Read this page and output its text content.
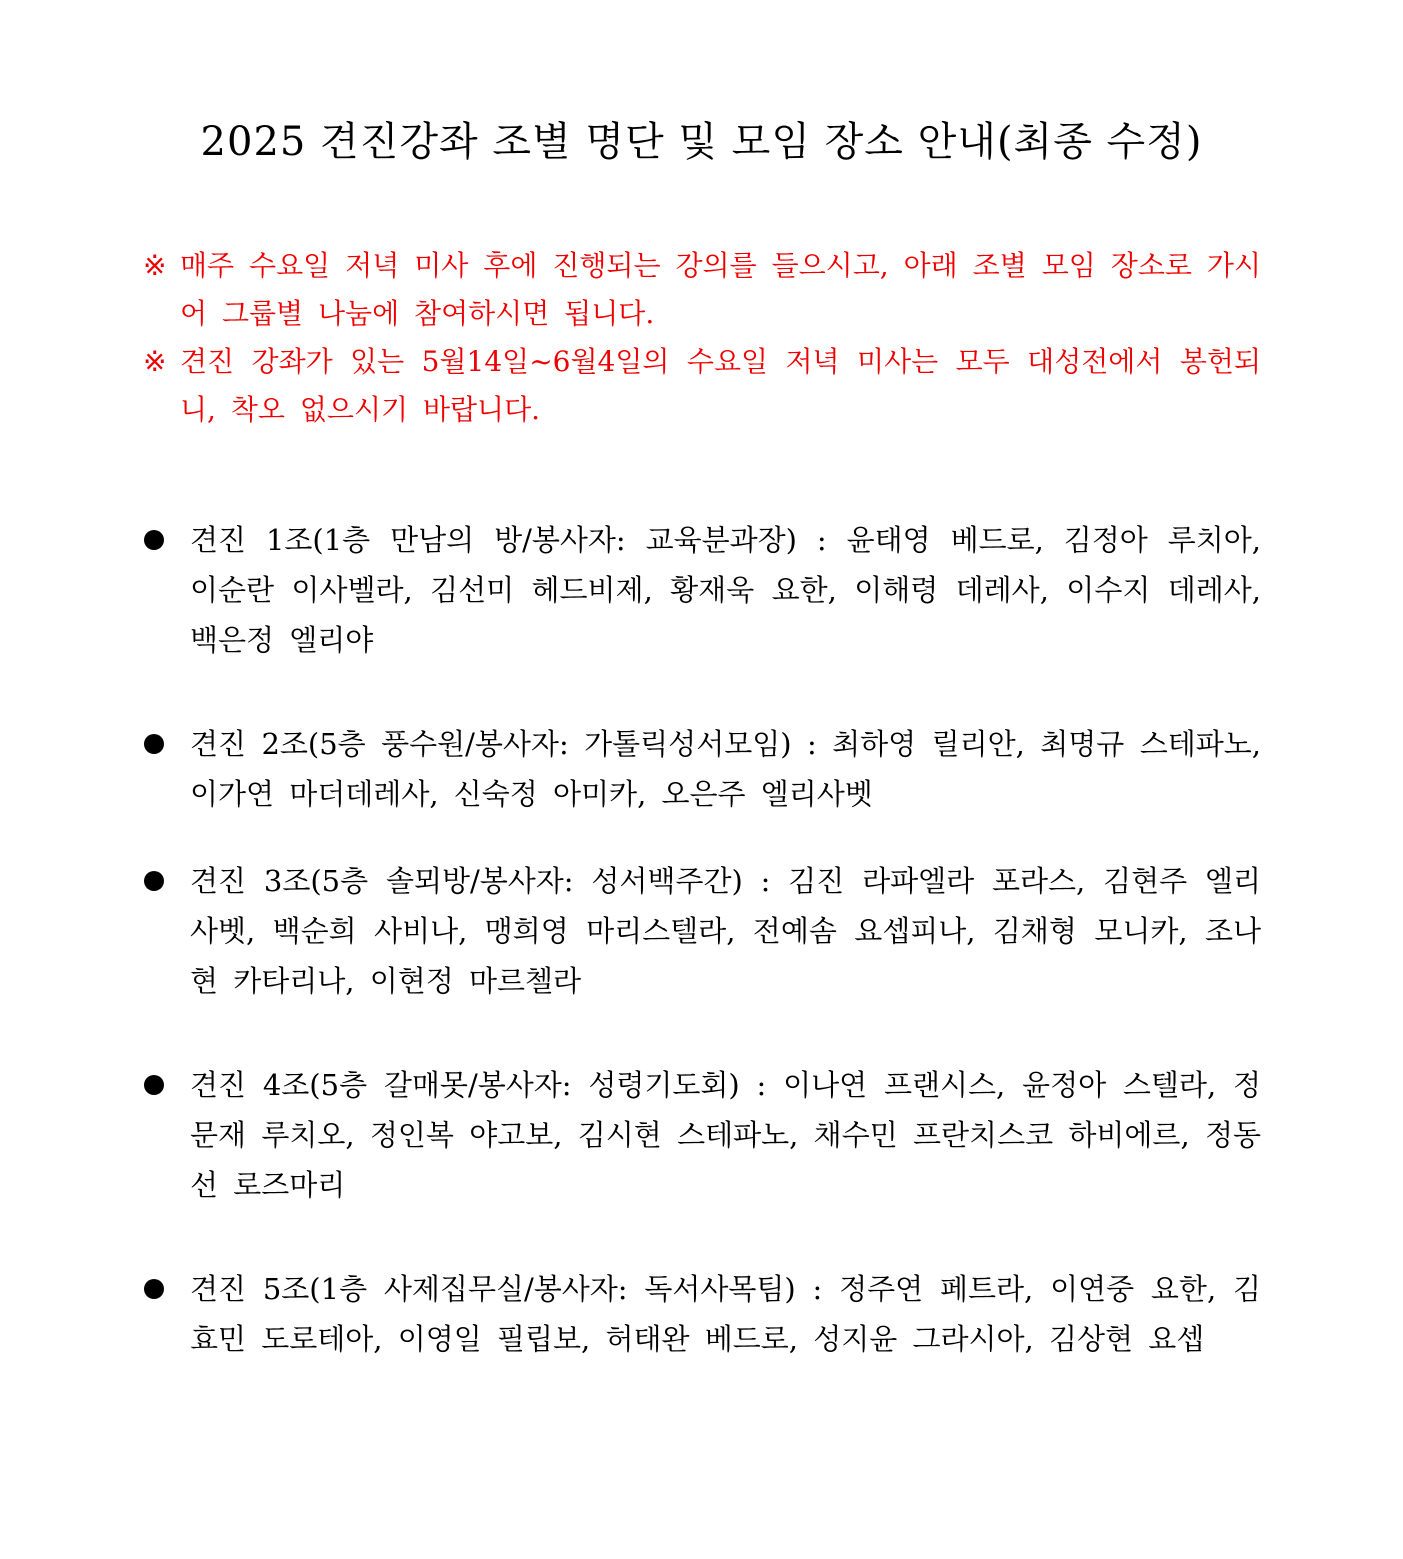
2025 견진강좌 조별 명단 및 모임 장소 안내(최종 수정)
※ 매주 수요일 저녁 미사 후에 진행되는 강의를 들으시고, 아래 조별 모임 장소로 가시어 그룹별 나눔에 참여하시면 됩니다.
※ 견진 강좌가 있는 5월14일~6월4일의 수요일 저녁 미사는 모두 대성전에서 봉헌되니, 착오 없으시기 바랍니다.
견진 1조(1층 만남의 방/봉사자: 교육분과장) : 윤태영 베드로, 김정아 루치아, 이순란 이사벨라, 김선미 헤드비제, 황재욱 요한, 이해령 데레사, 이수지 데레사, 백은정 엘리야
견진 2조(5층 풍수원/봉사자: 가톨릭성서모임) : 최하영 릴리안, 최명규 스테파노, 이가연 마더데레사, 신숙정 아미카, 오은주 엘리사벳
견진 3조(5층 솔뫼방/봉사자: 성서백주간) : 김진 라파엘라 포라스, 김현주 엘리사벳, 백순희 사비나, 맹희영 마리스텔라, 전예솜 요셉피나, 김채형 모니카, 조나현 카타리나, 이현정 마르첼라
견진 4조(5층 갈매못/봉사자: 성령기도회) : 이나연 프랜시스, 윤정아 스텔라, 정문재 루치오, 정인복 야고보, 김시현 스테파노, 채수민 프란치스코 하비에르, 정동선 로즈마리
견진 5조(1층 사제집무실/봉사자: 독서사목팀) : 정주연 페트라, 이연중 요한, 김효민 도로테아, 이영일 필립보, 허태완 베드로, 성지윤 그라시아, 김상현 요셉
